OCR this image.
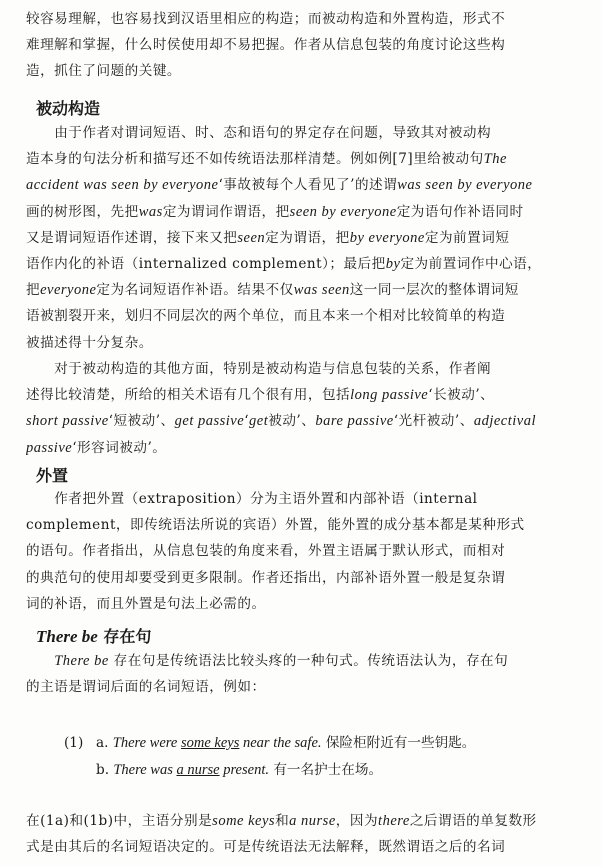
较容易理解，也容易找到汉语里相应的构造；而被动构造和外置构造，形式不
难理解和掌握，什么时侯使用却不易把握。作者从信息包装的角度讨论这些构
造，抓住了问题的关键。
被动构造
　　由于作者对谓词短语、时、态和语句的界定存在问题，导致其对被动构
造本身的句法分析和描写还不如传统语法那样清楚。例如例[7]里给被动句The
accident was seen by everyone‘事故被每个人看见了’的述谓was seen by everyone
画的树形图，先把was定为谓词作谓语，把seen by everyone定为语句作补语同时
又是谓词短语作述谓，接下来又把seen定为谓语，把by everyone定为前置词短
语作内化的补语（internalized complement）；最后把by定为前置词作中心语，
把everyone定为名词短语作补语。结果不仅was seen这一同一层次的整体谓词短
语被割裂开来，划归不同层次的两个单位，而且本来一个相对比较简单的构造
被描述得十分复杂。
　　对于被动构造的其他方面，特别是被动构造与信息包装的关系，作者阐
述得比较清楚，所给的相关术语有几个很有用，包括long passive‘长被动’、
short passive‘短被动’、get passive‘get被动’、bare passive‘光杆被动’、adjectival
passive‘形容词被动’。
外置
　　作者把外置（extraposition）分为主语外置和内部补语（internal
complement，即传统语法所说的宾语）外置，能外置的成分基本都是某种形式
的语句。作者指出，从信息包装的角度来看，外置主语属于默认形式，而相对
的典范句的使用却要受到更多限制。作者还指出，内部补语外置一般是复杂谓
词的补语，而且外置是句法上必需的。
There be 存在句
　　There be 存在句是传统语法比较头疼的一种句式。传统语法认为，存在句
的主语是谓词后面的名词短语，例如：
(1) a. There were some keys near the safe. 保险柜附近有一些钥匙。
b. There was a nurse present. 有一名护士在场。
在(1a)和(1b)中，主语分别是some keys和a nurse，因为there之后谓语的单复数形
式是由其后的名词短语决定的。可是传统语法无法解释，既然谓语之后的名词
